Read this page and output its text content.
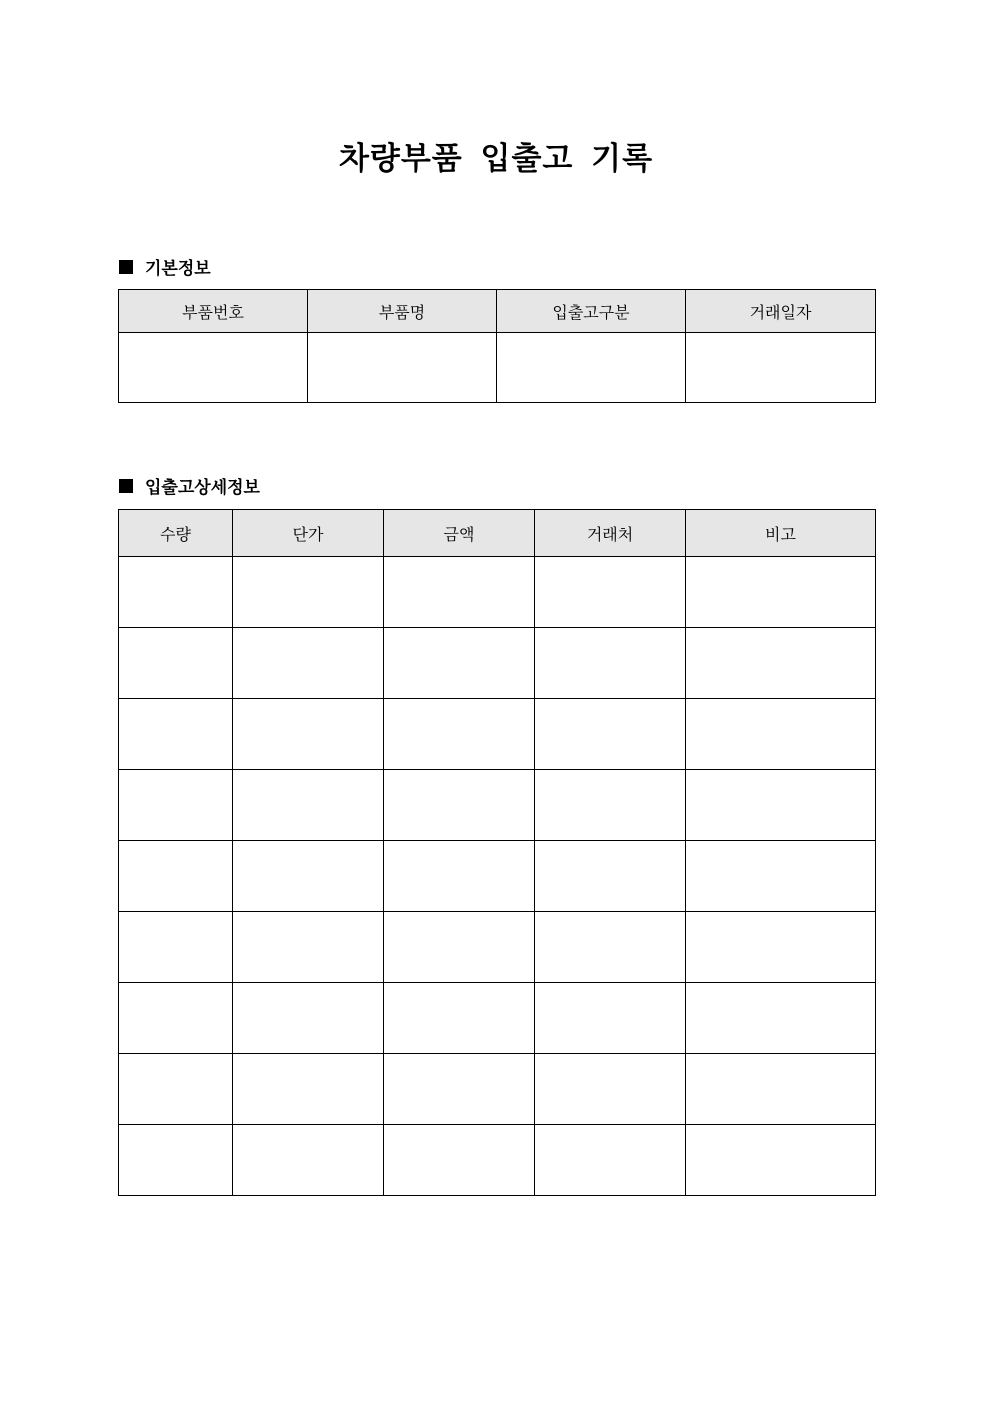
차량부품 입출고 기록
기본정보
부품번호	부품명	입출고구분	거래일자

입출고상세정보
수량	단가	금액	거래처	비고
